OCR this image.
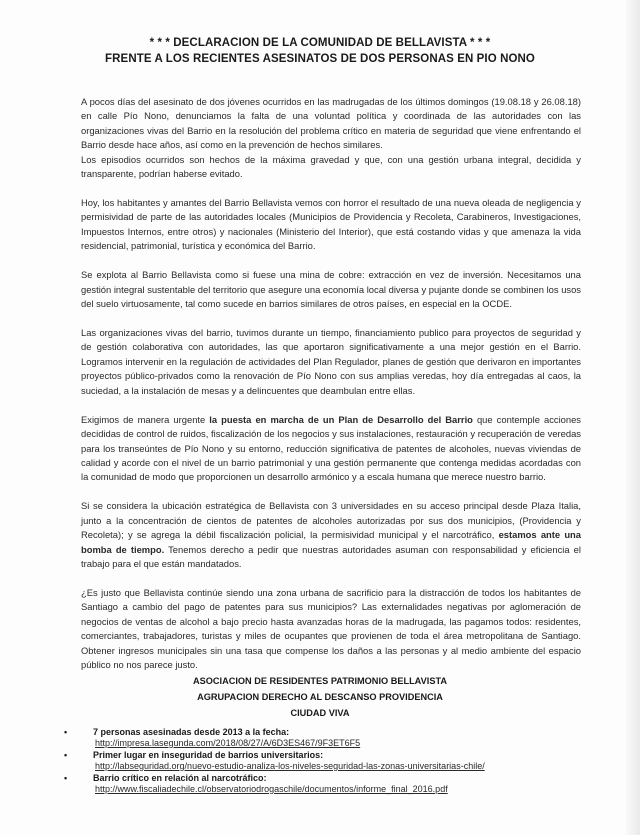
* * * DECLARACION DE LA COMUNIDAD DE BELLAVISTA * * *
FRENTE A LOS RECIENTES ASESINATOS DE DOS PERSONAS EN PIO NONO

A pocos días del asesinato de dos jóvenes ocurridos en las madrugadas de los últimos domingos (19.08.18 y 26.08.18) en calle Pío Nono, denunciamos la falta de una voluntad política y coordinada de las autoridades con las organizaciones vivas del Barrio en la resolución del problema crítico en materia de seguridad que viene enfrentando el Barrio desde hace años, así como en la prevención de hechos similares.

Los episodios ocurridos son hechos de la máxima gravedad y que, con una gestión urbana integral, decidida y transparente, podrían haberse evitado.

Hoy, los habitantes y amantes del Barrio Bellavista vemos con horror el resultado de una nueva oleada de negligencia y permisividad de parte de las autoridades locales (Municipios de Providencia y Recoleta, Carabineros, Investigaciones, Impuestos Internos, entre otros) y nacionales (Ministerio del Interior), que está costando vidas y que amenaza la vida residencial, patrimonial, turística y económica del Barrio.

Se explota al Barrio Bellavista como si fuese una mina de cobre: extracción en vez de inversión. Necesitamos una gestión integral sustentable del territorio que asegure una economía local diversa y pujante donde se combinen los usos del suelo virtuosamente, tal como sucede en barrios similares de otros países, en especial en la OCDE.

Las organizaciones vivas del barrio, tuvimos durante un tiempo, financiamiento publico para proyectos de seguridad y de gestión colaborativa con autoridades, las que aportaron significativamente a una mejor gestión en el Barrio. Logramos intervenir en la regulación de actividades del Plan Regulador, planes de gestión que derivaron en importantes proyectos público-privados como la renovación de Pío Nono con sus amplias veredas, hoy día entregadas al caos, la suciedad, a la instalación de mesas y a delincuentes que deambulan entre ellas.

Exigimos de manera urgente la puesta en marcha de un Plan de Desarrollo del Barrio que contemple acciones decididas de control de ruidos, fiscalización de los negocios y sus instalaciones, restauración y recuperación de veredas para los transeúntes de Pío Nono y su entorno, reducción significativa de patentes de alcoholes, nuevas viviendas de calidad y acorde con el nivel de un barrio patrimonial y una gestión permanente que contenga medidas acordadas con la comunidad de modo que proporcionen un desarrollo armónico y a escala humana que merece nuestro barrio.

Si se considera la ubicación estratégica de Bellavista con 3 universidades en su acceso principal desde Plaza Italia, junto a la concentración de cientos de patentes de alcoholes autorizadas por sus dos municipios, (Providencia y Recoleta); y se agrega la débil fiscalización policial, la permisividad municipal y el narcotráfico, estamos ante una bomba de tiempo. Tenemos derecho a pedir que nuestras autoridades asuman con responsabilidad y eficiencia el trabajo para el que están mandatados.

¿Es justo que Bellavista continúe siendo una zona urbana de sacrificio para la distracción de todos los habitantes de Santiago a cambio del pago de patentes para sus municipios? Las externalidades negativas por aglomeración de negocios de ventas de alcohol a bajo precio hasta avanzadas horas de la madrugada, las pagamos todos: residentes, comerciantes, trabajadores, turistas y miles de ocupantes que provienen de toda el área metropolitana de Santiago. Obtener ingresos municipales sin una tasa que compense los daños a las personas y al medio ambiente del espacio público no nos parece justo.

ASOCIACION DE RESIDENTES PATRIMONIO BELLAVISTA
AGRUPACION DERECHO AL DESCANSO PROVIDENCIA
CIUDAD VIVA
•	7 personas asesinadas desde 2013 a la fecha:
http://impresa.lasegunda.com/2018/08/27/A/6D3ES467/9F3ET6F5
•	Primer lugar en inseguridad de barrios universitarios:
http://labseguridad.org/nuevo-estudio-analiza-los-niveles-seguridad-las-zonas-universitarias-chile/
•	Barrio crítico en relación al narcotráfico:
http://www.fiscaliadechile.cl/observatoriodrogaschile/documentos/informe_final_2016.pdf
